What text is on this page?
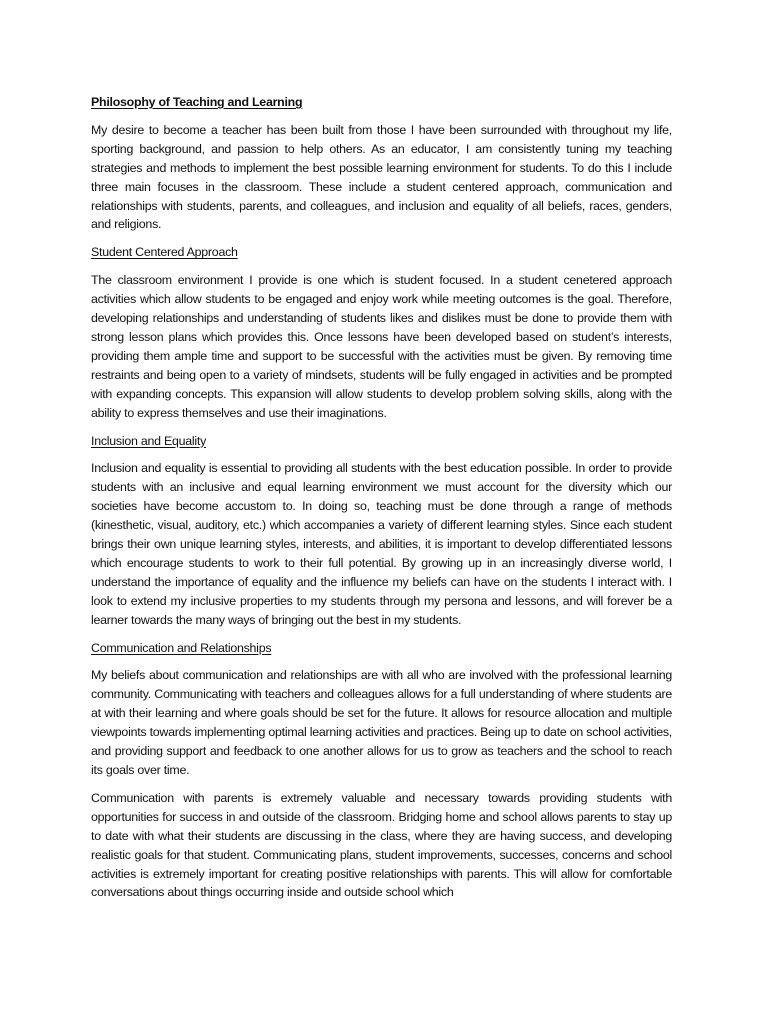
Philosophy of Teaching and Learning

My desire to become a teacher has been built from those I have been surrounded with throughout my life, sporting background, and passion to help others. As an educator, I am consistently tuning my teaching strategies and methods to implement the best possible learning environment for students. To do this I include three main focuses in the classroom. These include a student centered approach, communication and relationships with students, parents, and colleagues, and inclusion and equality of all beliefs, races, genders, and religions.

Student Centered Approach

The classroom environment I provide is one which is student focused. In a student cenetered approach activities which allow students to be engaged and enjoy work while meeting outcomes is the goal. Therefore, developing relationships and understanding of students likes and dislikes must be done to provide them with strong lesson plans which provides this. Once lessons have been developed based on student’s interests, providing them ample time and support to be successful with the activities must be given. By removing time restraints and being open to a variety of mindsets, students will be fully engaged in activities and be prompted with expanding concepts. This expansion will allow students to develop problem solving skills, along with the ability to express themselves and use their imaginations.

Inclusion and Equality

Inclusion and equality is essential to providing all students with the best education possible. In order to provide students with an inclusive and equal learning environment we must account for the diversity which our societies have become accustom to. In doing so, teaching must be done through a range of methods (kinesthetic, visual, auditory, etc.) which accompanies a variety of different learning styles. Since each student brings their own unique learning styles, interests, and abilities, it is important to develop differentiated lessons which encourage students to work to their full potential. By growing up in an increasingly diverse world, I understand the importance of equality and the influence my beliefs can have on the students I interact with. I look to extend my inclusive properties to my students through my persona and lessons, and will forever be a learner towards the many ways of bringing out the best in my students.

Communication and Relationships

My beliefs about communication and relationships are with all who are involved with the professional learning community. Communicating with teachers and colleagues allows for a full understanding of where students are at with their learning and where goals should be set for the future. It allows for resource allocation and multiple viewpoints towards implementing optimal learning activities and practices. Being up to date on school activities, and providing support and feedback to one another allows for us to grow as teachers and the school to reach its goals over time.

Communication with parents is extremely valuable and necessary towards providing students with opportunities for success in and outside of the classroom. Bridging home and school allows parents to stay up to date with what their students are discussing in the class, where they are having success, and developing realistic goals for that student. Communicating plans, student improvements, successes, concerns and school activities is extremely important for creating positive relationships with parents. This will allow for comfortable conversations about things occurring inside and outside school which
